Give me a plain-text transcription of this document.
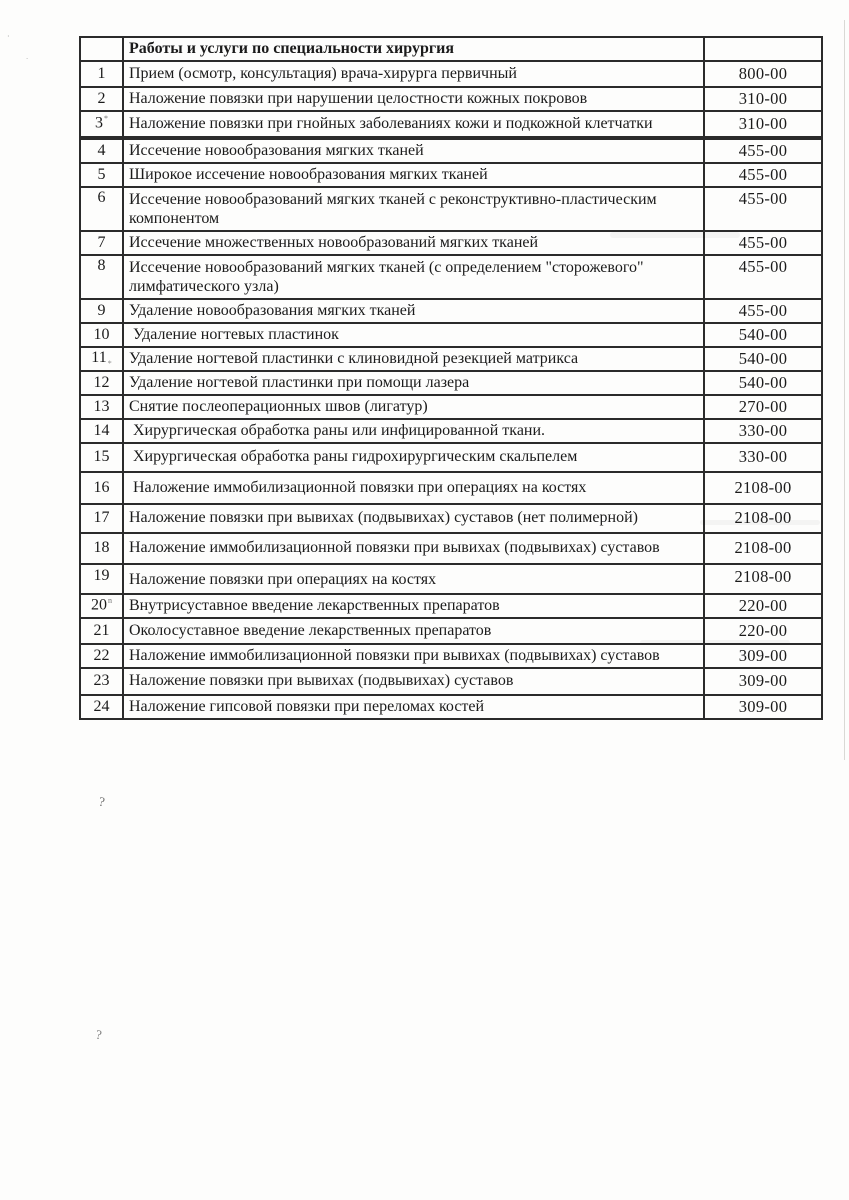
	Работы и услуги по специальности хирургия	
1	Прием (осмотр, консультация) врача-хирурга первичный	800-00
2	Наложение повязки при нарушении целостности кожных покровов	310-00
3*	Наложение повязки при гнойных заболеваниях кожи и подкожной клетчатки	310-00
4	Иссечение новообразования мягких тканей	455-00
5	Широкое иссечение новообразования мягких тканей	455-00
6	Иссечение новообразований мягких тканей с реконструктивно-пластическим компонентом	455-00
7	Иссечение множественных новообразований мягких тканей	455-00
8	Иссечение новообразований мягких тканей (с определением "сторожевого" лимфатического узла)	455-00
9	Удаление новообразования мягких тканей	455-00
10	Удаление ногтевых пластинок	540-00
$11_*$	Удаление ногтевой пластинки с клиновидной резекцией матрикса	540-00
12	Удаление ногтевой пластинки при помощи лазера	540-00
13	Снятие послеоперационных швов (лигатур)	270-00
14	Хирургическая обработка раны или инфицированной ткани.	330-00
15	Хирургическая обработка раны гидрохирургическим скальпелем	330-00
16	Наложение иммобилизационной повязки при операциях на костях	2108-00
17	Наложение повязки при вывихах (подвывихах) суставов (нет полимерной)	2108-00
18	Наложение иммобилизационной повязки при вывихах (подвывихах) суставов	2108-00
19	Наложение повязки при операциях на костях	2108-00
20$^n$	Внутрисуставное введение лекарственных препаратов	220-00
21	Околосуставное введение лекарственных препаратов	220-00
22	Наложение иммобилизационной повязки при вывихах (подвывихах) суставов	309-00
23	Наложение повязки при вывихах (подвывихах) суставов	309-00
24	Наложение гипсовой повязки при переломах костей	309-00
?
?
·
·
